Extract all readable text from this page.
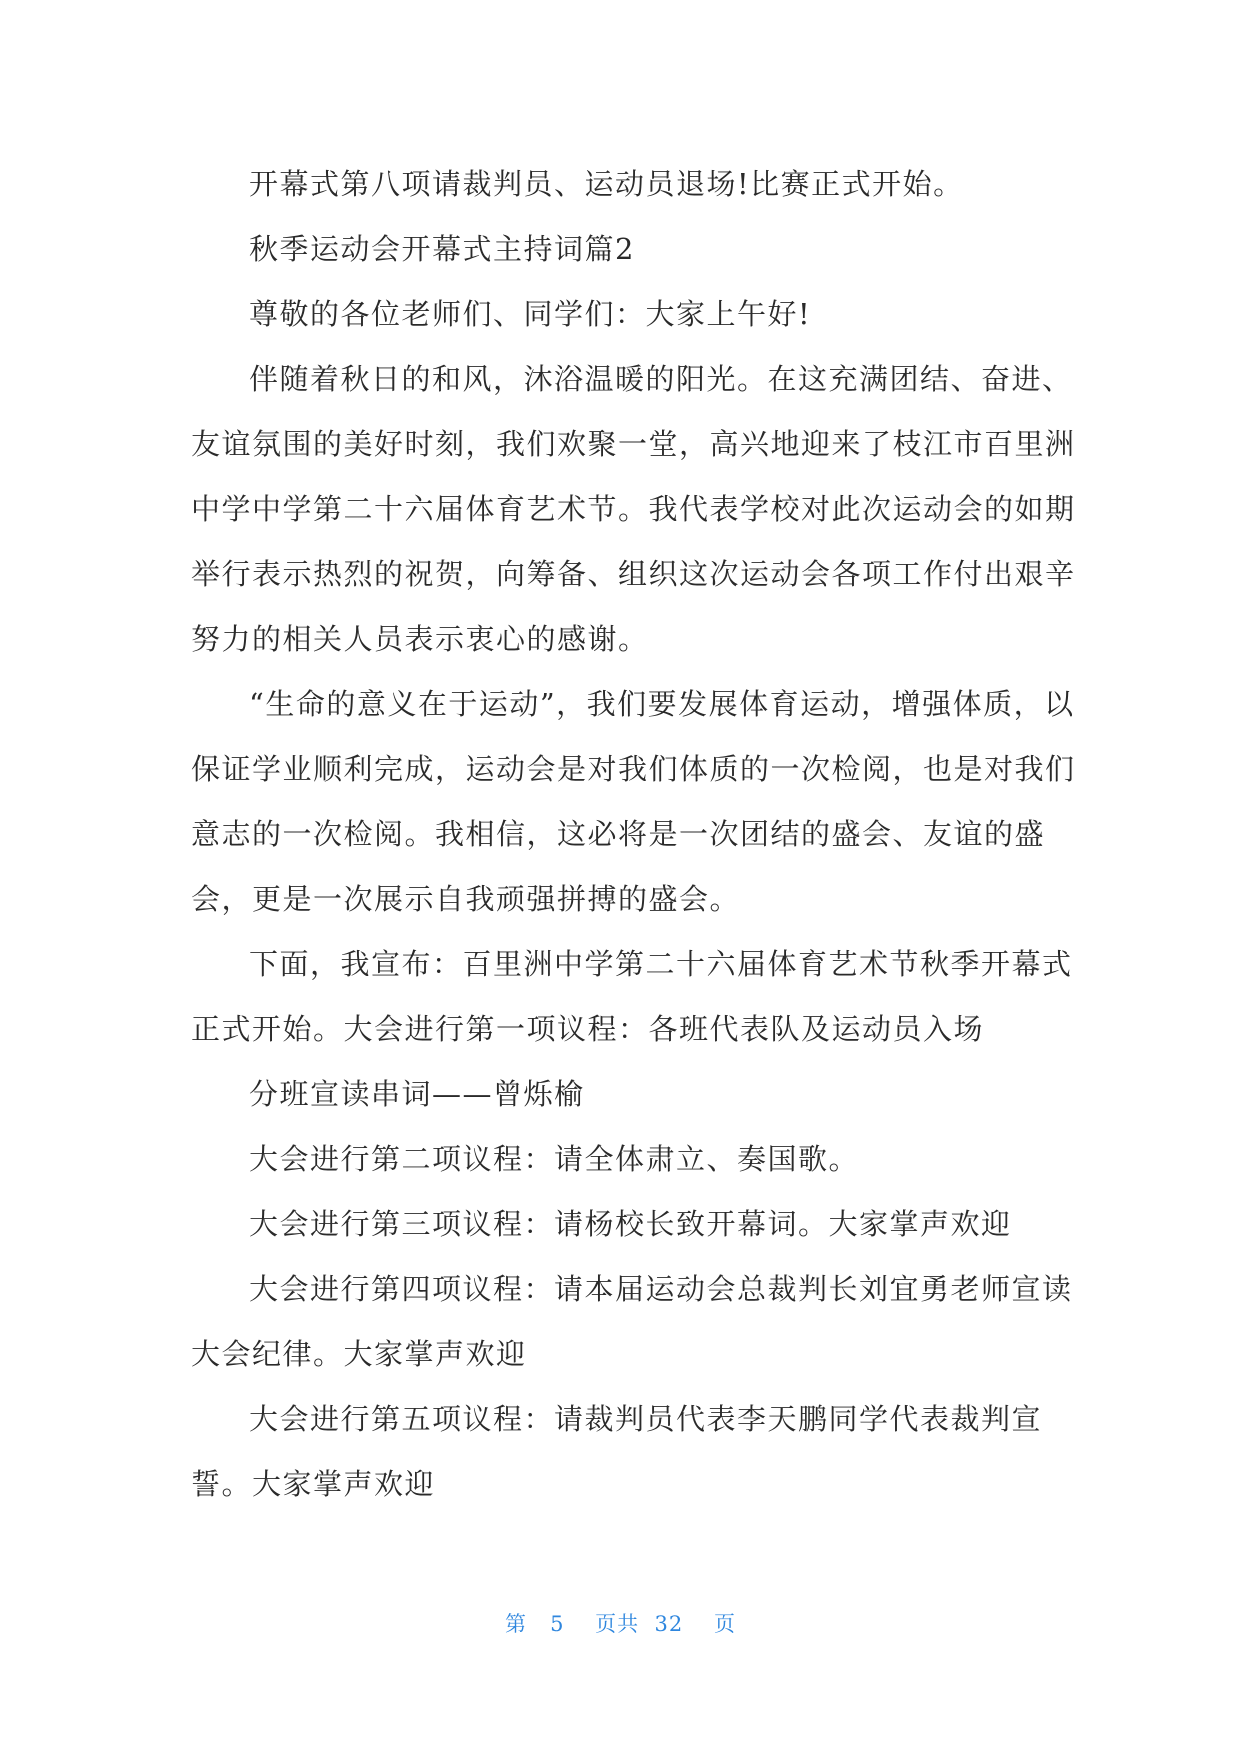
开幕式第八项请裁判员、运动员退场!比赛正式开始。
秋季运动会开幕式主持词篇2
尊敬的各位老师们、同学们：大家上午好!
伴随着秋日的和风，沐浴温暖的阳光。在这充满团结、奋进、
友谊氛围的美好时刻，我们欢聚一堂，高兴地迎来了枝江市百里洲
中学中学第二十六届体育艺术节。我代表学校对此次运动会的如期
举行表示热烈的祝贺，向筹备、组织这次运动会各项工作付出艰辛
努力的相关人员表示衷心的感谢。
“生命的意义在于运动”，我们要发展体育运动，增强体质，以
保证学业顺利完成，运动会是对我们体质的一次检阅，也是对我们
意志的一次检阅。我相信，这必将是一次团结的盛会、友谊的盛
会，更是一次展示自我顽强拼搏的盛会。
下面，我宣布：百里洲中学第二十六届体育艺术节秋季开幕式
正式开始。大会进行第一项议程：各班代表队及运动员入场
分班宣读串词——曾烁榆
大会进行第二项议程：请全体肃立、奏国歌。
大会进行第三项议程：请杨校长致开幕词。大家掌声欢迎
大会进行第四项议程：请本届运动会总裁判长刘宜勇老师宣读
大会纪律。大家掌声欢迎
大会进行第五项议程：请裁判员代表李天鹏同学代表裁判宣
誓。大家掌声欢迎
第 5 页共 32 页
